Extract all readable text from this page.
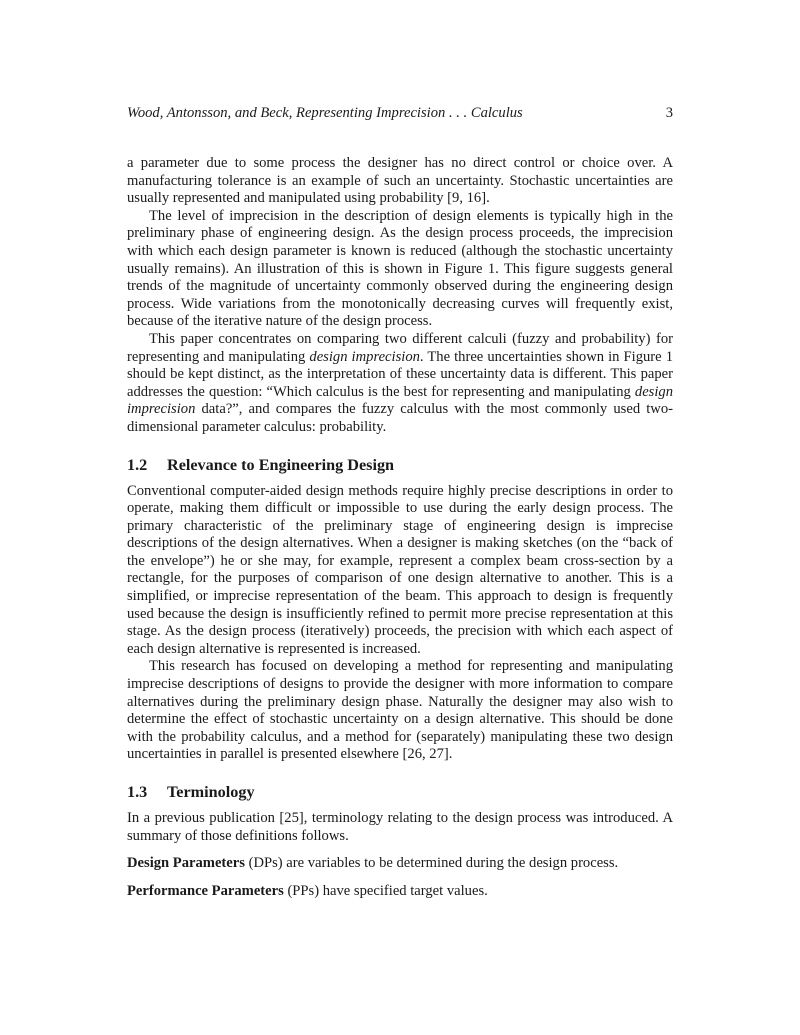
Wood, Antonsson, and Beck, Representing Imprecision . . . Calculus	3

a parameter due to some process the designer has no direct control or choice over. A manufacturing tolerance is an example of such an uncertainty. Stochastic uncertainties are usually represented and manipulated using probability [9, 16].

The level of imprecision in the description of design elements is typically high in the preliminary phase of engineering design. As the design process proceeds, the imprecision with which each design parameter is known is reduced (although the stochastic uncertainty usually remains). An illustration of this is shown in Figure 1. This figure suggests general trends of the magnitude of uncertainty commonly observed during the engineering design process. Wide variations from the monotonically decreasing curves will frequently exist, because of the iterative nature of the design process.

This paper concentrates on comparing two different calculi (fuzzy and probability) for representing and manipulating design imprecision. The three uncertainties shown in Figure 1 should be kept distinct, as the interpretation of these uncertainty data is different. This paper addresses the question: “Which calculus is the best for representing and manipulating design imprecision data?”, and compares the fuzzy calculus with the most commonly used two-dimensional parameter calculus: probability.

1.2 Relevance to Engineering Design

Conventional computer-aided design methods require highly precise descriptions in order to operate, making them difficult or impossible to use during the early design process. The primary characteristic of the preliminary stage of engineering design is imprecise descriptions of the design alternatives. When a designer is making sketches (on the “back of the envelope”) he or she may, for example, represent a complex beam cross-section by a rectangle, for the purposes of comparison of one design alternative to another. This is a simplified, or imprecise representation of the beam. This approach to design is frequently used because the design is insufficiently refined to permit more precise representation at this stage. As the design process (iteratively) proceeds, the precision with which each aspect of each design alternative is represented is increased.

This research has focused on developing a method for representing and manipulating imprecise descriptions of designs to provide the designer with more information to compare alternatives during the preliminary design phase. Naturally the designer may also wish to determine the effect of stochastic uncertainty on a design alternative. This should be done with the probability calculus, and a method for (separately) manipulating these two design uncertainties in parallel is presented elsewhere [26, 27].

1.3 Terminology

In a previous publication [25], terminology relating to the design process was introduced. A summary of those definitions follows.

Design Parameters (DPs) are variables to be determined during the design process.

Performance Parameters (PPs) have specified target values.
